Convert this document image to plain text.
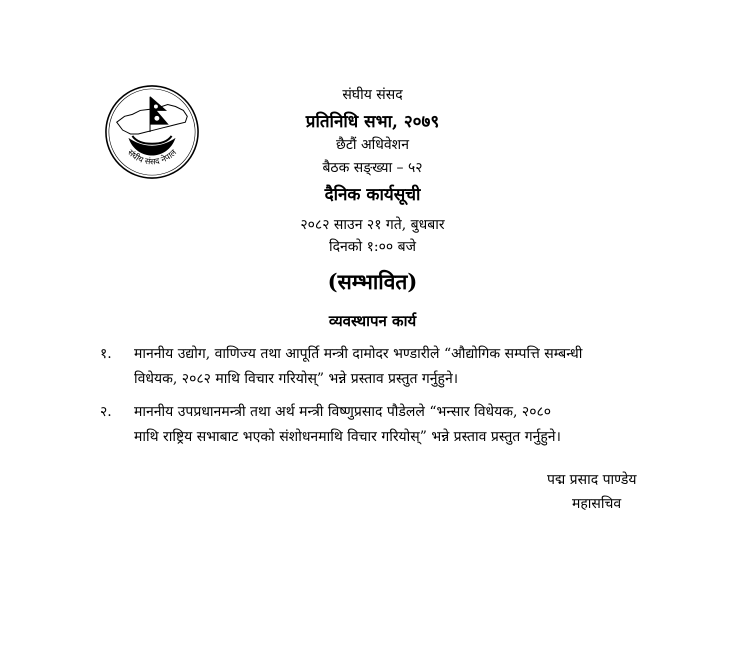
संघीय संसद नेपाल
संघीय संसद
प्रतिनिधि सभा, २०७९
छैटौं अधिवेशन
बैठक सङ्ख्या – ५२
दैनिक कार्यसूची
२०८२ साउन २१ गते, बुधबार
दिनको १:०० बजे
(सम्भावित)
व्यवस्थापन कार्य
१.	माननीय उद्योग, वाणिज्य तथा आपूर्ति मन्त्री दामोदर भण्डारीले “औद्योगिक सम्पत्ति सम्बन्धी
विधेयक, २०८२ माथि विचार गरियोस्” भन्ने प्रस्ताव प्रस्तुत गर्नुहुने।
२.	माननीय उपप्रधानमन्त्री तथा अर्थ मन्त्री विष्णुप्रसाद पौडेलले “भन्सार विधेयक, २०८०
माथि राष्ट्रिय सभाबाट भएको संशोधनमाथि विचार गरियोस्” भन्ने प्रस्ताव प्रस्तुत गर्नुहुने।
पद्म प्रसाद पाण्डेय
महासचिव
